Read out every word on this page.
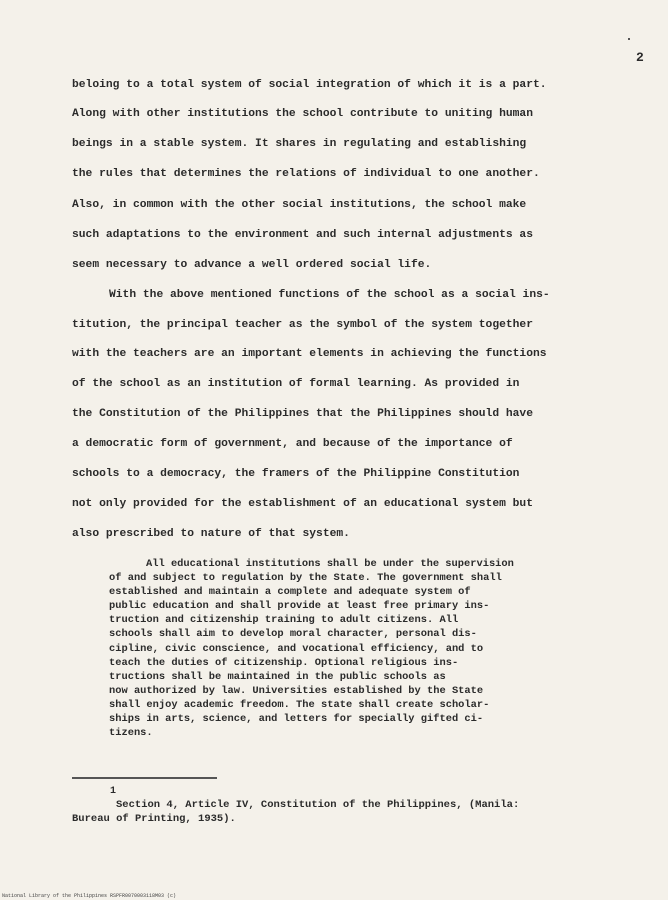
2
beloing to a total system of social integration of which it is a part.
Along with other institutions the school contribute to uniting human
beings in a stable system. It shares in regulating and establishing
the rules that determines the relations of individual to one another.
Also, in common with the other social institutions, the school make
such adaptations to the environment and such internal adjustments as
seem necessary to advance a well ordered social life.
With the above mentioned functions of the school as a social ins-
titution, the principal teacher as the symbol of the system together
with the teachers are an important elements in achieving the functions
of the school as an institution of formal learning. As provided in
the Constitution of the Philippines that the Philippines should have
a democratic form of government, and because of the importance of
schools to a democracy, the framers of the Philippine Constitution
not only provided for the establishment of an educational system but
also prescribed to nature of that system.
All educational institutions shall be under the supervision
of and subject to regulation by the State. The government shall
established and maintain a complete and adequate system of
public education and shall provide at least free primary ins-
truction and citizenship training to adult citizens. All
schools shall aim to develop moral character, personal dis-
cipline, civic conscience, and vocational efficiency, and to
teach the duties of citizenship. Optional religious ins-
tructions shall be maintained in the public schools as
now authorized by law. Universities established by the State
shall enjoy academic freedom. The state shall create scholar-
ships in arts, science, and letters for specially gifted ci-
tizens.
1
Section 4, Article IV, Constitution of the Philippines, (Manila:
Bureau of Printing, 1935).
National Library of the Philippines RSPFR0070003118M03 (c)
